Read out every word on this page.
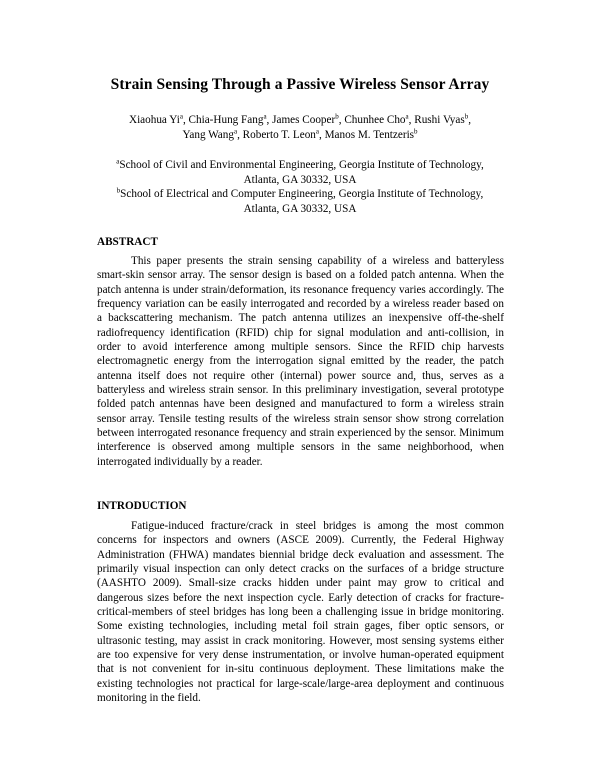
Strain Sensing Through a Passive Wireless Sensor Array
Xiaohua Yi$^a$, Chia-Hung Fang$^a$, James Cooper$^b$, Chunhee Cho$^a$, Rushi Vyas$^b$,
Yang Wang$^a$, Roberto T. Leon$^a$, Manos M. Tentzeris$^b$
$^a$School of Civil and Environmental Engineering, Georgia Institute of Technology,
Atlanta, GA 30332, USA
$^b$School of Electrical and Computer Engineering, Georgia Institute of Technology,
Atlanta, GA 30332, USA
ABSTRACT

This paper presents the strain sensing capability of a wireless and batteryless smart-skin sensor array. The sensor design is based on a folded patch antenna. When the patch antenna is under strain/deformation, its resonance frequency varies accordingly. The frequency variation can be easily interrogated and recorded by a wireless reader based on a backscattering mechanism. The patch antenna utilizes an inexpensive off-the-shelf radiofrequency identification (RFID) chip for signal modulation and anti-collision, in order to avoid interference among multiple sensors. Since the RFID chip harvests electromagnetic energy from the interrogation signal emitted by the reader, the patch antenna itself does not require other (internal) power source and, thus, serves as a batteryless and wireless strain sensor. In this preliminary investigation, several prototype folded patch antennas have been designed and manufactured to form a wireless strain sensor array. Tensile testing results of the wireless strain sensor show strong correlation between interrogated resonance frequency and strain experienced by the sensor. Minimum interference is observed among multiple sensors in the same neighborhood, when interrogated individually by a reader.

INTRODUCTION

Fatigue-induced fracture/crack in steel bridges is among the most common concerns for inspectors and owners (ASCE 2009). Currently, the Federal Highway Administration (FHWA) mandates biennial bridge deck evaluation and assessment. The primarily visual inspection can only detect cracks on the surfaces of a bridge structure (AASHTO 2009). Small-size cracks hidden under paint may grow to critical and dangerous sizes before the next inspection cycle. Early detection of cracks for fracture-critical-members of steel bridges has long been a challenging issue in bridge monitoring. Some existing technologies, including metal foil strain gages, fiber optic sensors, or ultrasonic testing, may assist in crack monitoring. However, most sensing systems either are too expensive for very dense instrumentation, or involve human-operated equipment that is not convenient for in-situ continuous deployment. These limitations make the existing technologies not practical for large-scale/large-area deployment and continuous monitoring in the field.
